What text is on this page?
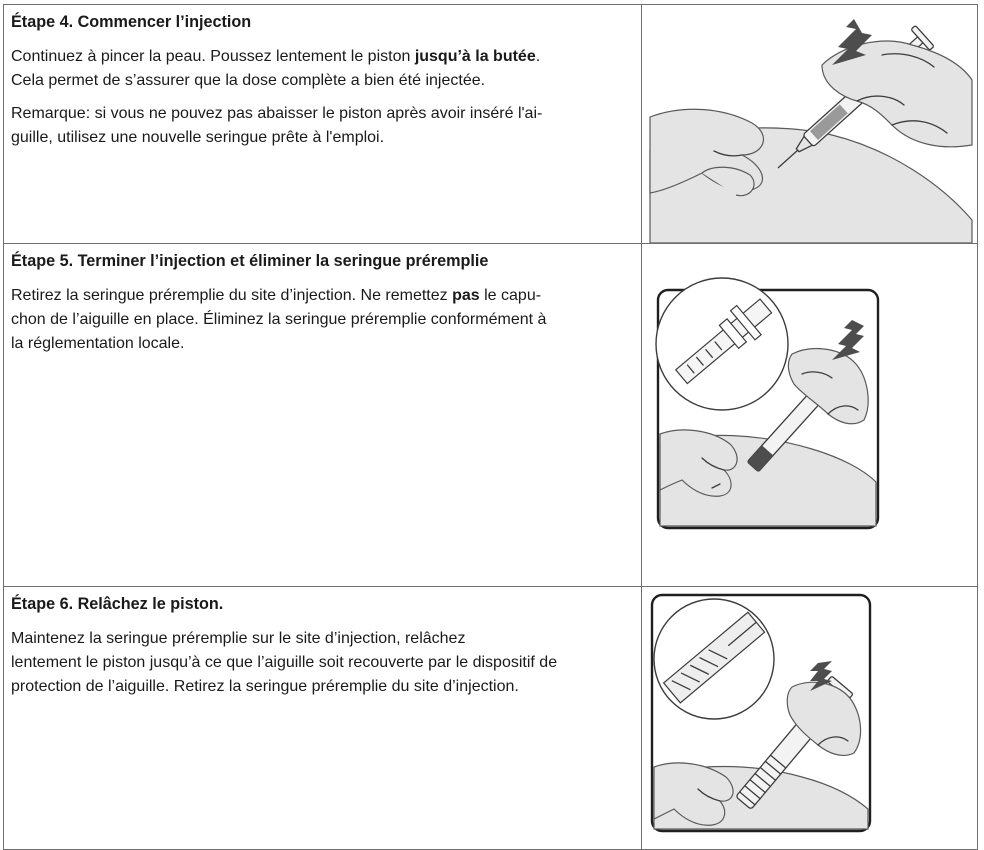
Étape 4. Commencer l’injection

Continuez à pincer la peau. Poussez lentement le piston jusqu’à la butée.
Cela permet de s’assurer que la dose complète a bien été injectée.

Remarque: si vous ne pouvez pas abaisser le piston après avoir inséré l'ai-
guille, utilisez une nouvelle seringue prête à l'emploi.

Étape 5. Terminer l’injection et éliminer la seringue préremplie

Retirez la seringue préremplie du site d’injection. Ne remettez pas le capu-
chon de l’aiguille en place. Éliminez la seringue préremplie conformément à
la réglementation locale.

Étape 6. Relâchez le piston.

Maintenez la seringue préremplie sur le site d’injection, relâchez
lentement le piston jusqu’à ce que l’aiguille soit recouverte par le dispositif de
protection de l’aiguille. Retirez la seringue préremplie du site d’injection.
